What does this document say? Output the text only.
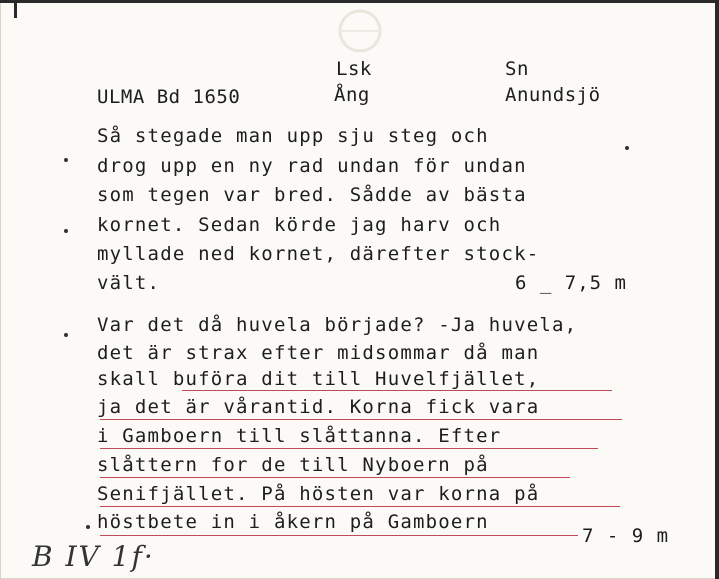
ULMA Bd 1650
Lsk
Ång
Sn
Anundsjö
Så stegade man upp sju steg och
drog upp en ny rad undan för undan
som tegen var bred. Sådde av bästa
kornet. Sedan körde jag harv och
myllade ned kornet, därefter stock-
vält.	6 _ 7,5 m
Var det då huvela började? -Ja huvela,
det är strax efter midsommar då man
skall buföra dit till Huvelfjället,
ja det är vårantid. Korna fick vara
i Gamboern till slåttanna. Efter
slåttern for de till Nyboern på
Senifjället. På hösten var korna på
höstbete in i åkern på Gamboern
7 - 9 m
B IV 1f·
